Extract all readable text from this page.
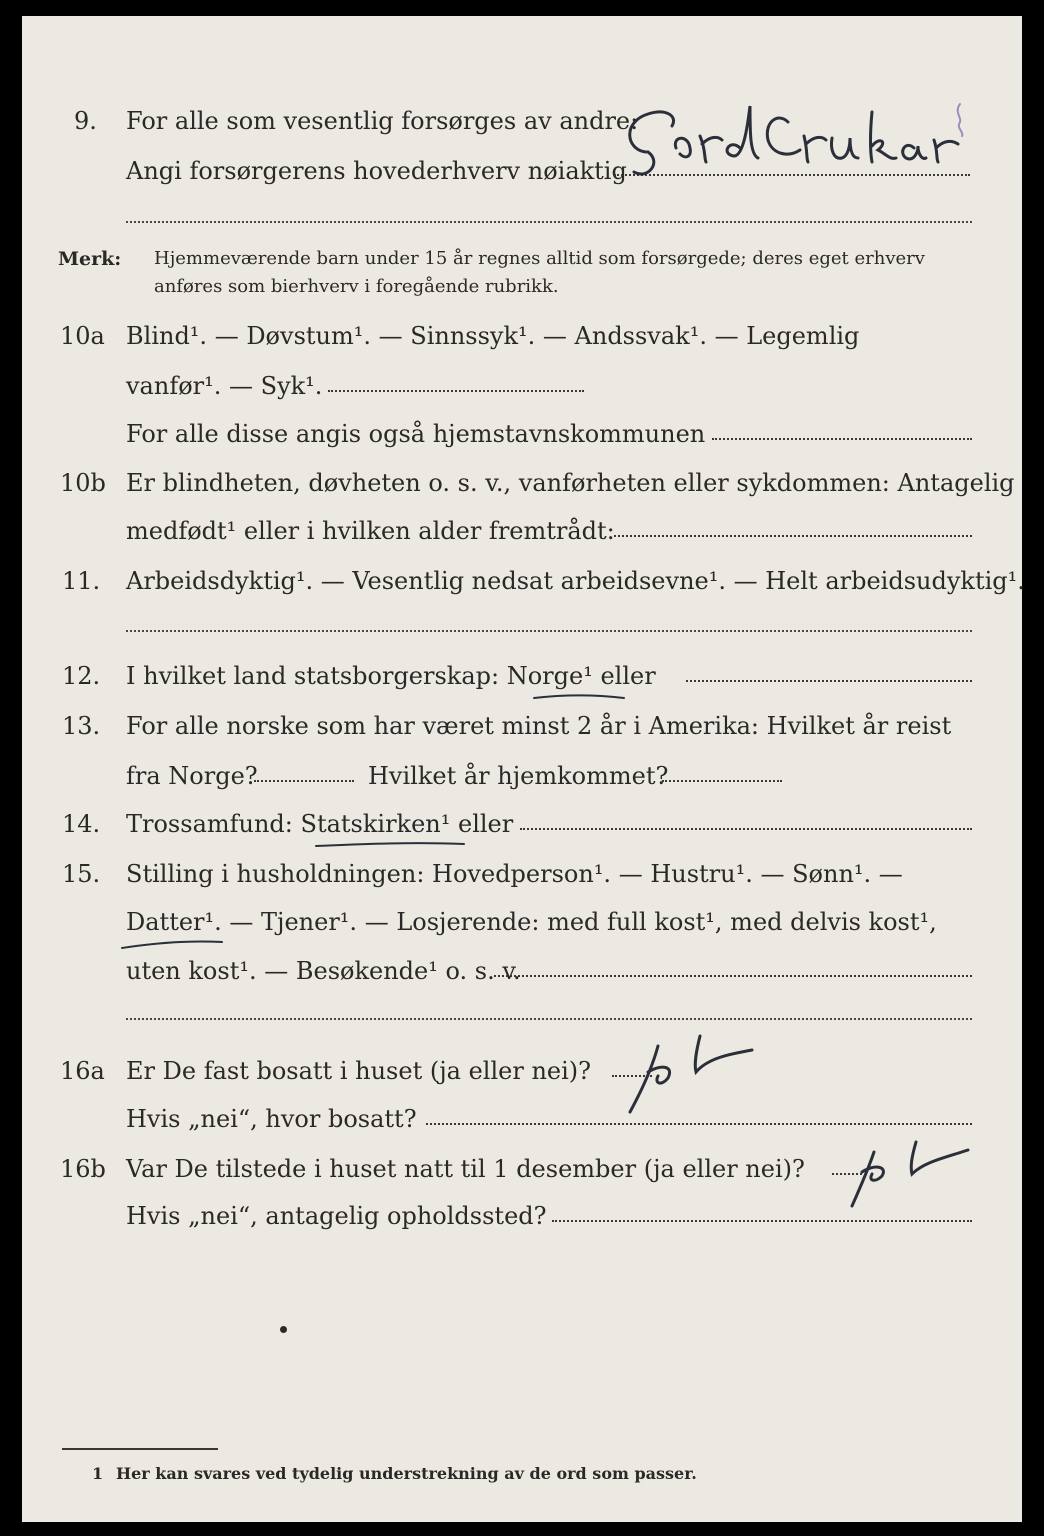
9. For alle som vesentlig forsørges av andre:
Angi forsørgerens hovederhverv nøiaktig
Merk: Hjemmeværende barn under 15 år regnes alltid som forsørgede; deres eget erhverv
anføres som bierhverv i foregående rubrikk.
10a Blind¹. — Døvstum¹. — Sinnssyk¹. — Andssvak¹. — Legemlig
vanfør¹. — Syk¹.
For alle disse angis også hjemstavnskommunen
10b Er blindheten, døvheten o. s. v., vanførheten eller sykdommen: Antagelig
medfødt¹ eller i hvilken alder fremtrådt:
11. Arbeidsdyktig¹. — Vesentlig nedsat arbeidsevne¹. — Helt arbeidsudyktig¹.
12. I hvilket land statsborgerskap: Norge¹ eller
13. For alle norske som har været minst 2 år i Amerika: Hvilket år reist
fra Norge?	Hvilket år hjemkommet?
14. Trossamfund: Statskirken¹ eller
15. Stilling i husholdningen: Hovedperson¹. — Hustru¹. — Sønn¹. —
Datter¹. — Tjener¹. — Losjerende: med full kost¹, med delvis kost¹,
uten kost¹. — Besøkende¹ o. s. v.
16a Er De fast bosatt i huset (ja eller nei)?
Hvis „nei“, hvor bosatt?
16b Var De tilstede i huset natt til 1 desember (ja eller nei)?
Hvis „nei“, antagelig opholdssted?
1 Her kan svares ved tydelig understrekning av de ord som passer.
